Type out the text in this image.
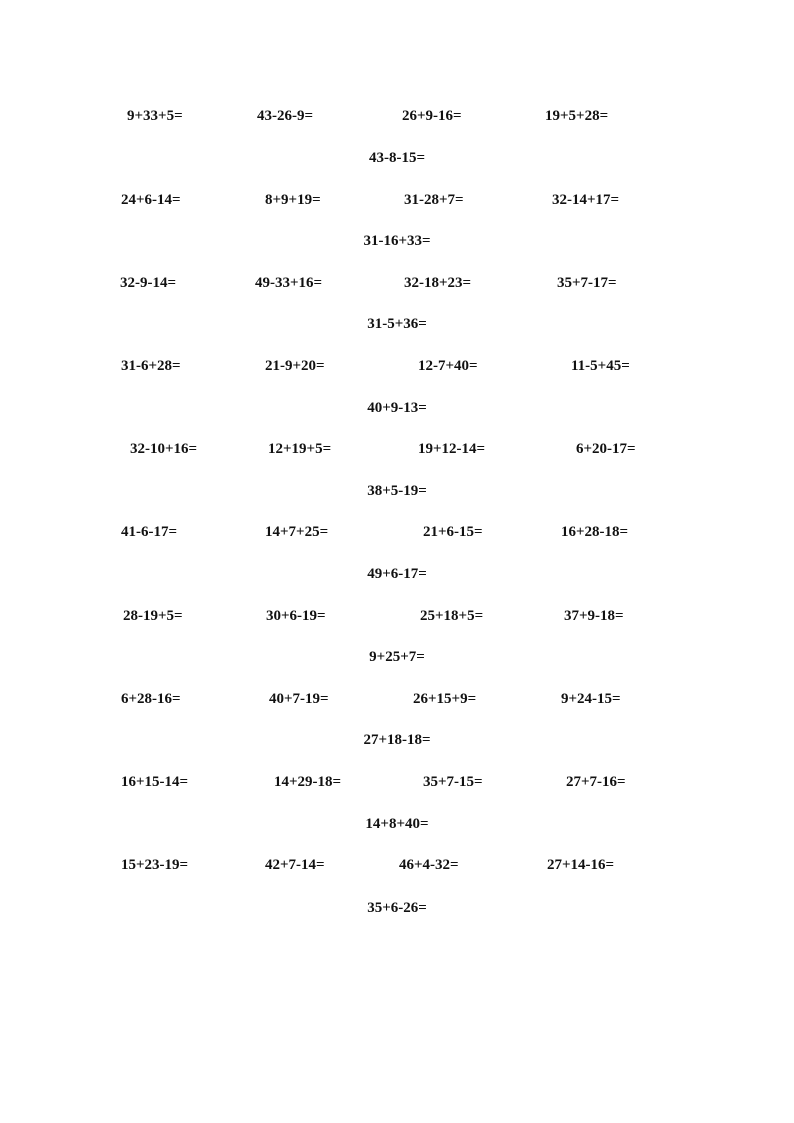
9+33+5=	43-26-9=	26+9-16=	19+5+28=
43-8-15=
24+6-14=	8+9+19=	31-28+7=	32-14+17=
31-16+33=
32-9-14=	49-33+16=	32-18+23=	35+7-17=
31-5+36=
31-6+28=	21-9+20=	12-7+40=	11-5+45=
40+9-13=
32-10+16=	12+19+5=	19+12-14=	6+20-17=
38+5-19=
41-6-17=	14+7+25=	21+6-15=	16+28-18=
49+6-17=
28-19+5=	30+6-19=	25+18+5=	37+9-18=
9+25+7=
6+28-16=	40+7-19=	26+15+9=	9+24-15=
27+18-18=
16+15-14=	14+29-18=	35+7-15=	27+7-16=
14+8+40=
15+23-19=	42+7-14=	46+4-32=	27+14-16=
35+6-26=
